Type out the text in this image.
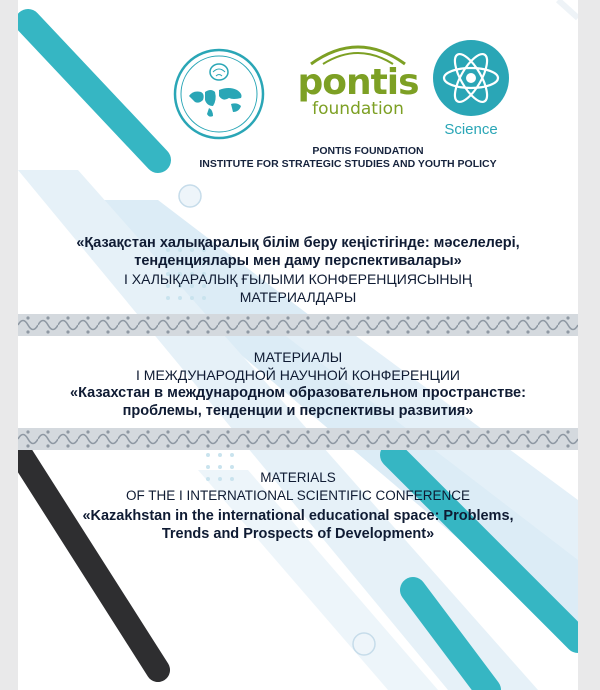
pontis
foundation
Science
PONTIS FOUNDATION
INSTITUTE FOR STRATEGIC STUDIES AND YOUTH POLICY
«Қазақстан халықаралық білім беру кеңістігінде: мәселелері,
тенденциялары мен даму перспективалары»
I ХАЛЫҚАРАЛЫҚ ҒЫЛЫМИ КОНФЕРЕНЦИЯСЫНЫҢ
МАТЕРИАЛДАРЫ
МАТЕРИАЛЫ
I МЕЖДУНАРОДНОЙ НАУЧНОЙ КОНФЕРЕНЦИИ
«Казахстан в международном образовательном пространстве:
проблемы, тенденции и перспективы развития»
MATERIALS
OF THE I INTERNATIONAL SCIENTIFIC CONFERENCE
«Kazakhstan in the international educational space: Problems,
Trends and Prospects of Development»
